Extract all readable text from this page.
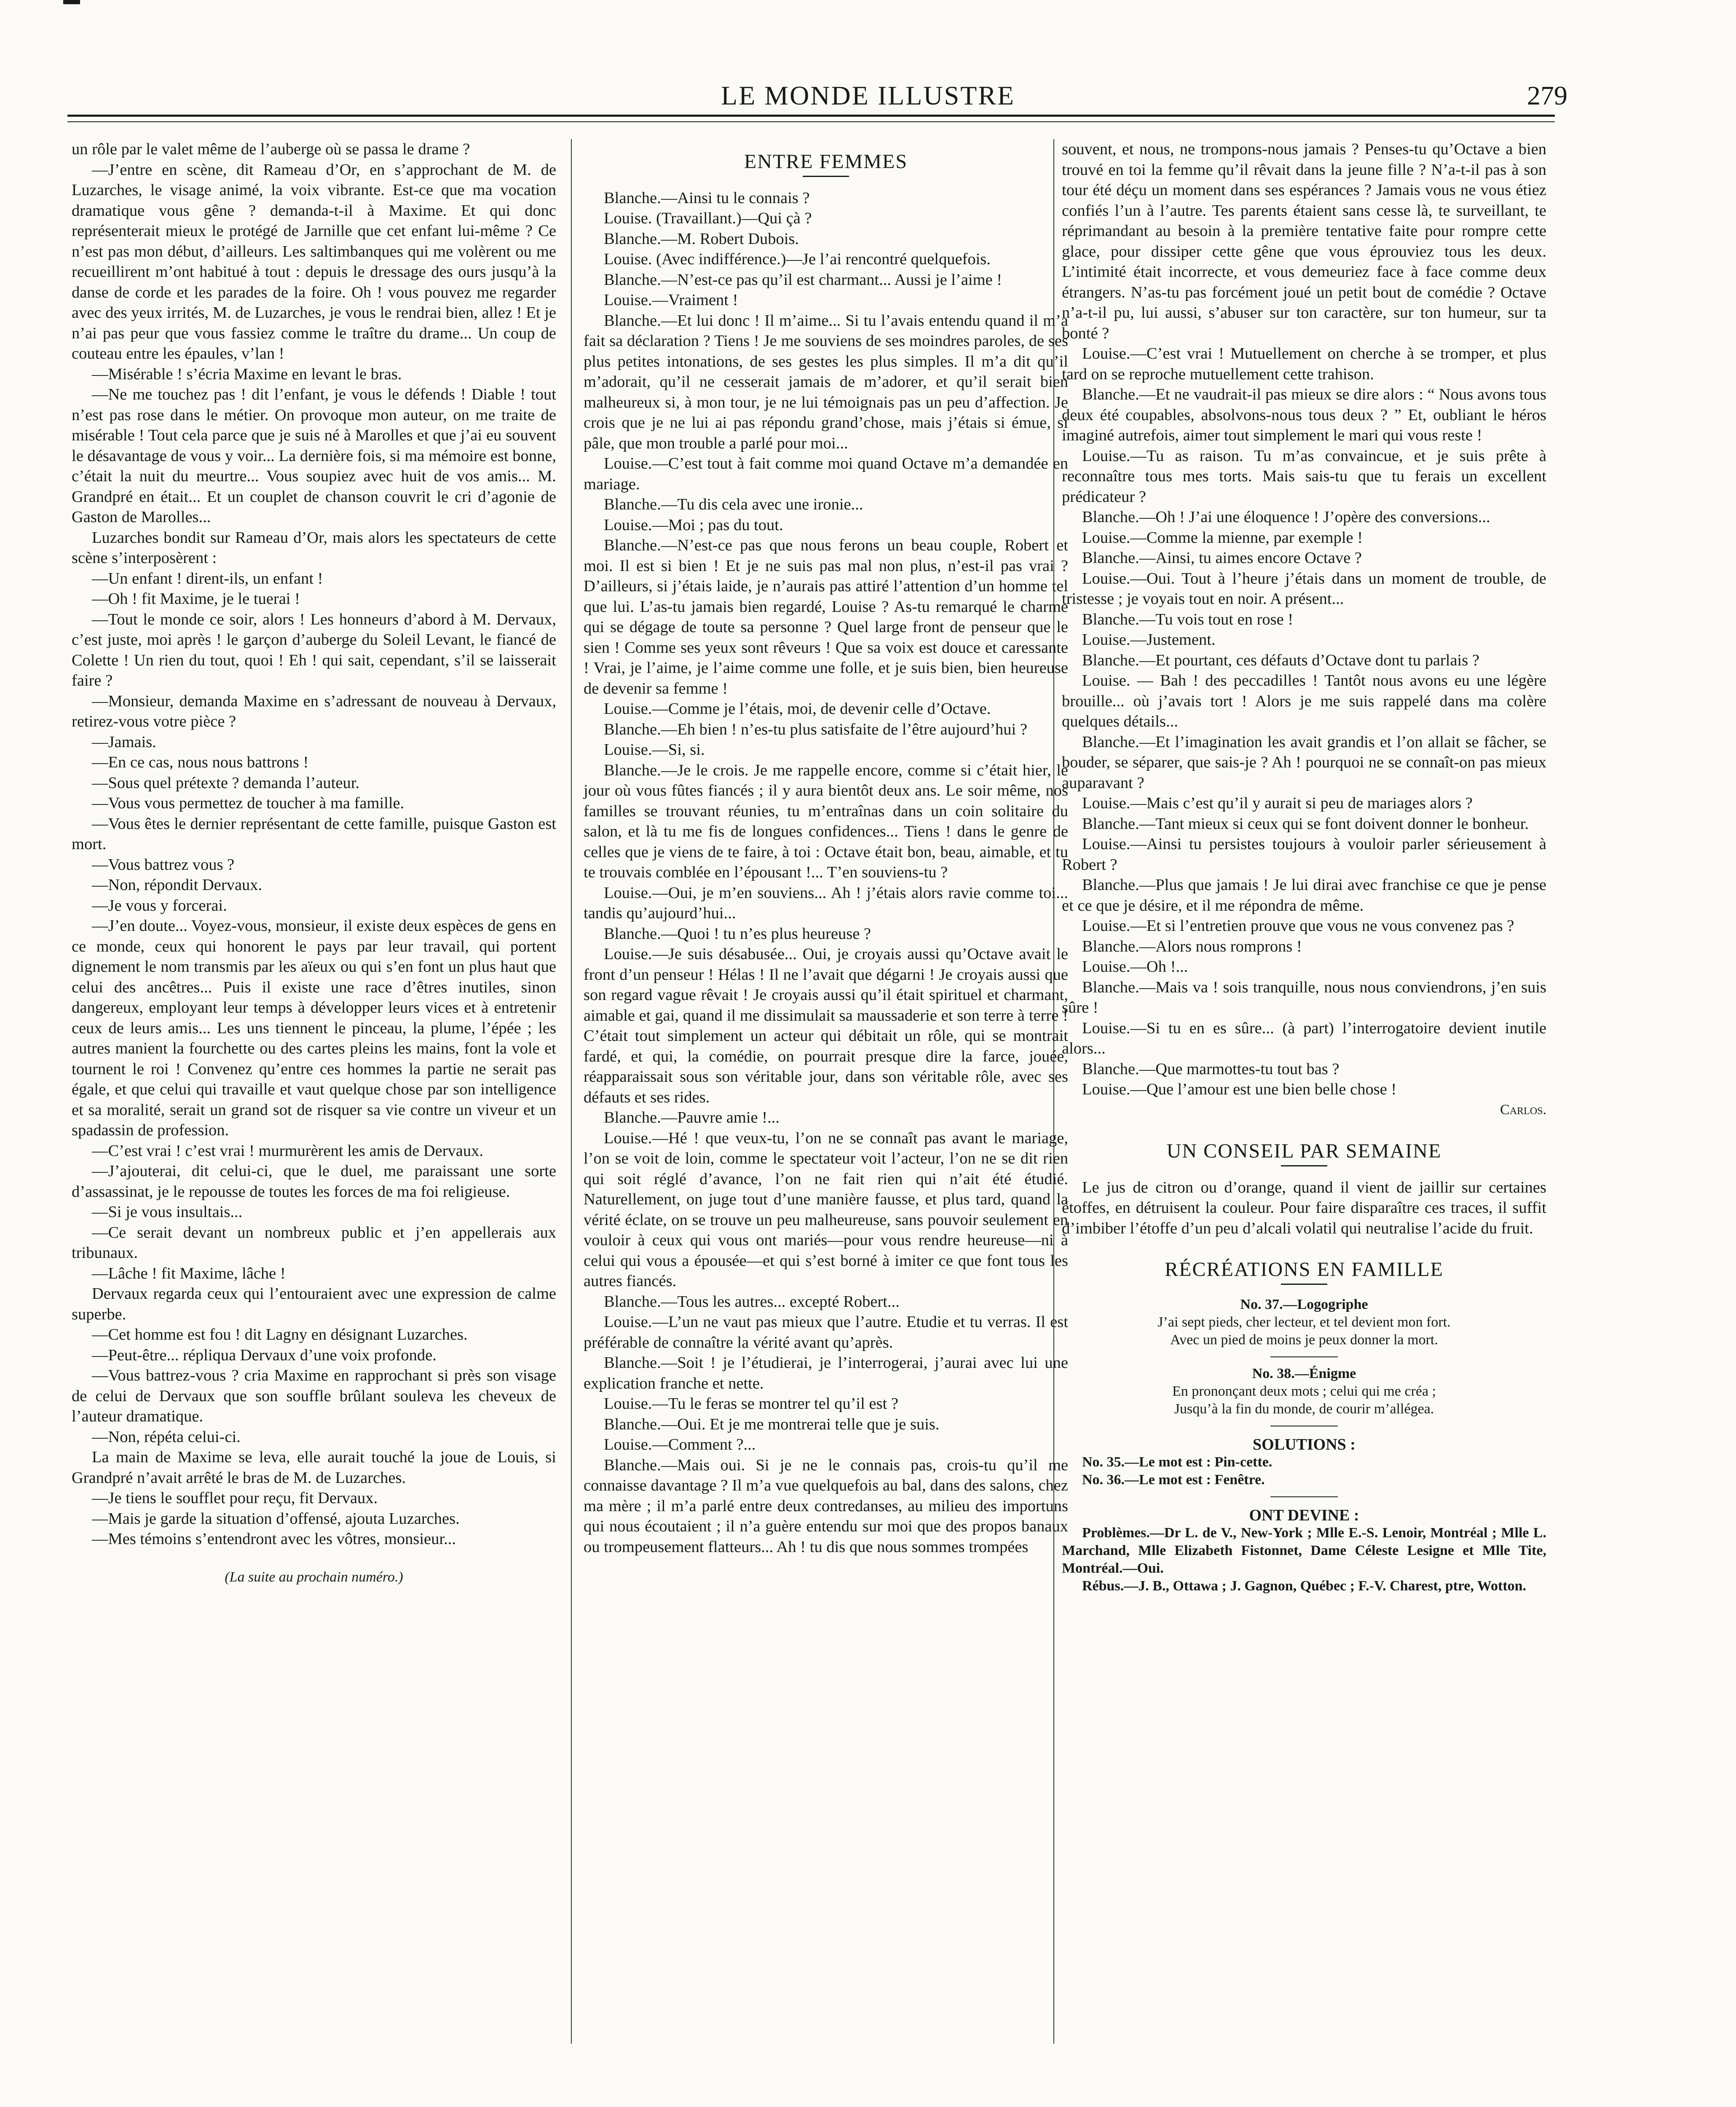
LE MONDE ILLUSTRE	279

un rôle par le valet même de l’auberge où se passa le drame ?

—J’entre en scène, dit Rameau d’Or, en s’approchant de M. de Luzarches, le visage animé, la voix vibrante. Est-ce que ma vocation dramatique vous gêne ? demanda-t-il à Maxime. Et qui donc représenterait mieux le protégé de Jarnille que cet enfant lui-même ? Ce n’est pas mon début, d’ailleurs. Les saltimbanques qui me volèrent ou me recueillirent m’ont habitué à tout : depuis le dressage des ours jusqu’à la danse de corde et les parades de la foire. Oh ! vous pouvez me regarder avec des yeux irrités, M. de Luzarches, je vous le rendrai bien, allez ! Et je n’ai pas peur que vous fassiez comme le traître du drame... Un coup de couteau entre les épaules, v’lan !

—Misérable ! s’écria Maxime en levant le bras.

—Ne me touchez pas ! dit l’enfant, je vous le défends ! Diable ! tout n’est pas rose dans le métier. On provoque mon auteur, on me traite de misérable ! Tout cela parce que je suis né à Marolles et que j’ai eu souvent le désavantage de vous y voir... La dernière fois, si ma mémoire est bonne, c’était la nuit du meurtre... Vous soupiez avec huit de vos amis... M. Grandpré en était... Et un couplet de chanson couvrit le cri d’agonie de Gaston de Marolles...

Luzarches bondit sur Rameau d’Or, mais alors les spectateurs de cette scène s’interposèrent :

—Un enfant ! dirent-ils, un enfant !

—Oh ! fit Maxime, je le tuerai !

—Tout le monde ce soir, alors ! Les honneurs d’abord à M. Dervaux, c’est juste, moi après ! le garçon d’auberge du Soleil Levant, le fiancé de Colette ! Un rien du tout, quoi ! Eh ! qui sait, cependant, s’il se laisserait faire ?

—Monsieur, demanda Maxime en s’adressant de nouveau à Dervaux, retirez-vous votre pièce ?

—Jamais.

—En ce cas, nous nous battrons !

—Sous quel prétexte ? demanda l’auteur.

—Vous vous permettez de toucher à ma famille.

—Vous êtes le dernier représentant de cette famille, puisque Gaston est mort.

—Vous battrez vous ?

—Non, répondit Dervaux.

—Je vous y forcerai.

—J’en doute... Voyez-vous, monsieur, il existe deux espèces de gens en ce monde, ceux qui honorent le pays par leur travail, qui portent dignement le nom transmis par les aïeux ou qui s’en font un plus haut que celui des ancêtres... Puis il existe une race d’êtres inutiles, sinon dangereux, employant leur temps à développer leurs vices et à entretenir ceux de leurs amis... Les uns tiennent le pinceau, la plume, l’épée ; les autres manient la fourchette ou des cartes pleins les mains, font la vole et tournent le roi ! Convenez qu’entre ces hommes la partie ne serait pas égale, et que celui qui travaille et vaut quelque chose par son intelligence et sa moralité, serait un grand sot de risquer sa vie contre un viveur et un spadassin de profession.

—C’est vrai ! c’est vrai ! murmurèrent les amis de Dervaux.

—J’ajouterai, dit celui-ci, que le duel, me paraissant une sorte d’assassinat, je le repousse de toutes les forces de ma foi religieuse.

—Si je vous insultais...

—Ce serait devant un nombreux public et j’en appellerais aux tribunaux.

—Lâche ! fit Maxime, lâche !

Dervaux regarda ceux qui l’entouraient avec une expression de calme superbe.

—Cet homme est fou ! dit Lagny en désignant Luzarches.

—Peut-être... répliqua Dervaux d’une voix profonde.

—Vous battrez-vous ? cria Maxime en rapprochant si près son visage de celui de Dervaux que son souffle brûlant souleva les cheveux de l’auteur dramatique.

—Non, répéta celui-ci.

La main de Maxime se leva, elle aurait touché la joue de Louis, si Grandpré n’avait arrêté le bras de M. de Luzarches.

—Je tiens le soufflet pour reçu, fit Dervaux.

—Mais je garde la situation d’offensé, ajouta Luzarches.

—Mes témoins s’entendront avec les vôtres, monsieur...

(La suite au prochain numéro.)

ENTRE FEMMES

Blanche.—Ainsi tu le connais ?

Louise. (Travaillant.)—Qui çà ?

Blanche.—M. Robert Dubois.

Louise. (Avec indifférence.)—Je l’ai rencontré quelquefois.

Blanche.—N’est-ce pas qu’il est charmant... Aussi je l’aime !

Louise.—Vraiment !

Blanche.—Et lui donc ! Il m’aime... Si tu l’avais entendu quand il m’a fait sa déclaration ? Tiens ! Je me souviens de ses moindres paroles, de ses plus petites intonations, de ses gestes les plus simples. Il m’a dit qu’il m’adorait, qu’il ne cesserait jamais de m’adorer, et qu’il serait bien malheureux si, à mon tour, je ne lui témoignais pas un peu d’affection. Je crois que je ne lui ai pas répondu grand’chose, mais j’étais si émue, si pâle, que mon trouble a parlé pour moi...

Louise.—C’est tout à fait comme moi quand Octave m’a demandée en mariage.

Blanche.—Tu dis cela avec une ironie...

Louise.—Moi ; pas du tout.

Blanche.—N’est-ce pas que nous ferons un beau couple, Robert et moi. Il est si bien ! Et je ne suis pas mal non plus, n’est-il pas vrai ? D’ailleurs, si j’étais laide, je n’aurais pas attiré l’attention d’un homme tel que lui. L’as-tu jamais bien regardé, Louise ? As-tu remarqué le charme qui se dégage de toute sa personne ? Quel large front de penseur que le sien ! Comme ses yeux sont rêveurs ! Que sa voix est douce et caressante ! Vrai, je l’aime, je l’aime comme une folle, et je suis bien, bien heureuse de devenir sa femme !

Louise.—Comme je l’étais, moi, de devenir celle d’Octave.

Blanche.—Eh bien ! n’es-tu plus satisfaite de l’être aujourd’hui ?

Louise.—Si, si.

Blanche.—Je le crois. Je me rappelle encore, comme si c’était hier, le jour où vous fûtes fiancés ; il y aura bientôt deux ans. Le soir même, nos familles se trouvant réunies, tu m’entraînas dans un coin solitaire du salon, et là tu me fis de longues confidences... Tiens ! dans le genre de celles que je viens de te faire, à toi : Octave était bon, beau, aimable, et tu te trouvais comblée en l’épousant !... T’en souviens-tu ?

Louise.—Oui, je m’en souviens... Ah ! j’étais alors ravie comme toi... tandis qu’aujourd’hui...

Blanche.—Quoi ! tu n’es plus heureuse ?

Louise.—Je suis désabusée... Oui, je croyais aussi qu’Octave avait le front d’un penseur ! Hélas ! Il ne l’avait que dégarni ! Je croyais aussi que son regard vague rêvait ! Je croyais aussi qu’il était spirituel et charmant, aimable et gai, quand il me dissimulait sa maussaderie et son terre à terre ! C’était tout simplement un acteur qui débitait un rôle, qui se montrait fardé, et qui, la comédie, on pourrait presque dire la farce, jouée, réapparaissait sous son véritable jour, dans son véritable rôle, avec ses défauts et ses rides.

Blanche.—Pauvre amie !...

Louise.—Hé ! que veux-tu, l’on ne se connaît pas avant le mariage, l’on se voit de loin, comme le spectateur voit l’acteur, l’on ne se dit rien qui soit réglé d’avance, l’on ne fait rien qui n’ait été étudié. Naturellement, on juge tout d’une manière fausse, et plus tard, quand la vérité éclate, on se trouve un peu malheureuse, sans pouvoir seulement en vouloir à ceux qui vous ont mariés—pour vous rendre heureuse—ni à celui qui vous a épousée—et qui s’est borné à imiter ce que font tous les autres fiancés.

Blanche.—Tous les autres... excepté Robert...

Louise.—L’un ne vaut pas mieux que l’autre. Etudie et tu verras. Il est préférable de connaître la vérité avant qu’après.

Blanche.—Soit ! je l’étudierai, je l’interrogerai, j’aurai avec lui une explication franche et nette.

Louise.—Tu le feras se montrer tel qu’il est ?

Blanche.—Oui. Et je me montrerai telle que je suis.

Louise.—Comment ?...

Blanche.—Mais oui. Si je ne le connais pas, crois-tu qu’il me connaisse davantage ? Il m’a vue quelquefois au bal, dans des salons, chez ma mère ; il m’a parlé entre deux contredanses, au milieu des importuns qui nous écoutaient ; il n’a guère entendu sur moi que des propos banaux ou trompeusement flatteurs... Ah ! tu dis que nous sommes trompées

souvent, et nous, ne trompons-nous jamais ? Penses-tu qu’Octave a bien trouvé en toi la femme qu’il rêvait dans la jeune fille ? N’a-t-il pas à son tour été déçu un moment dans ses espérances ? Jamais vous ne vous étiez confiés l’un à l’autre. Tes parents étaient sans cesse là, te surveillant, te réprimandant au besoin à la première tentative faite pour rompre cette glace, pour dissiper cette gêne que vous éprouviez tous les deux. L’intimité était incorrecte, et vous demeuriez face à face comme deux étrangers. N’as-tu pas forcément joué un petit bout de comédie ? Octave n’a-t-il pu, lui aussi, s’abuser sur ton caractère, sur ton humeur, sur ta bonté ?

Louise.—C’est vrai ! Mutuellement on cherche à se tromper, et plus tard on se reproche mutuellement cette trahison.

Blanche.—Et ne vaudrait-il pas mieux se dire alors : “ Nous avons tous deux été coupables, absolvons-nous tous deux ? ” Et, oubliant le héros imaginé autrefois, aimer tout simplement le mari qui vous reste !

Louise.—Tu as raison. Tu m’as convaincue, et je suis prête à reconnaître tous mes torts. Mais sais-tu que tu ferais un excellent prédicateur ?

Blanche.—Oh ! J’ai une éloquence ! J’opère des conversions...

Louise.—Comme la mienne, par exemple !

Blanche.—Ainsi, tu aimes encore Octave ?

Louise.—Oui. Tout à l’heure j’étais dans un moment de trouble, de tristesse ; je voyais tout en noir. A présent...

Blanche.—Tu vois tout en rose !

Louise.—Justement.

Blanche.—Et pourtant, ces défauts d’Octave dont tu parlais ?

Louise. — Bah ! des peccadilles ! Tantôt nous avons eu une légère brouille... où j’avais tort ! Alors je me suis rappelé dans ma colère quelques détails...

Blanche.—Et l’imagination les avait grandis et l’on allait se fâcher, se bouder, se séparer, que sais-je ? Ah ! pourquoi ne se connaît-on pas mieux auparavant ?

Louise.—Mais c’est qu’il y aurait si peu de mariages alors ?

Blanche.—Tant mieux si ceux qui se font doivent donner le bonheur.

Louise.—Ainsi tu persistes toujours à vouloir parler sérieusement à Robert ?

Blanche.—Plus que jamais ! Je lui dirai avec franchise ce que je pense et ce que je désire, et il me répondra de même.

Louise.—Et si l’entretien prouve que vous ne vous convenez pas ?

Blanche.—Alors nous romprons !

Louise.—Oh !...

Blanche.—Mais va ! sois tranquille, nous nous conviendrons, j’en suis sûre !

Louise.—Si tu en es sûre... (à part) l’interrogatoire devient inutile alors...

Blanche.—Que marmottes-tu tout bas ?

Louise.—Que l’amour est une bien belle chose !

Carlos.

UN CONSEIL PAR SEMAINE

Le jus de citron ou d’orange, quand il vient de jaillir sur certaines étoffes, en détruisent la couleur. Pour faire disparaître ces traces, il suffit d’imbiber l’étoffe d’un peu d’alcali volatil qui neutralise l’acide du fruit.

RÉCRÉATIONS EN FAMILLE

No. 37.—Logogriphe

J’ai sept pieds, cher lecteur, et tel devient mon fort.

Avec un pied de moins je peux donner la mort.

No. 38.—Énigme

En prononçant deux mots ; celui qui me créa ;

Jusqu’à la fin du monde, de courir m’allégea.

SOLUTIONS :

No. 35.—Le mot est : Pin-cette.

No. 36.—Le mot est : Fenêtre.

ONT DEVINE :

Problèmes.—Dr L. de V., New-York ; Mlle E.-S. Lenoir, Montréal ; Mlle L. Marchand, Mlle Elizabeth Fistonnet, Dame Céleste Lesigne et Mlle Tite, Montréal.—Oui.

Rébus.—J. B., Ottawa ; J. Gagnon, Québec ; F.-V. Charest, ptre, Wotton.
